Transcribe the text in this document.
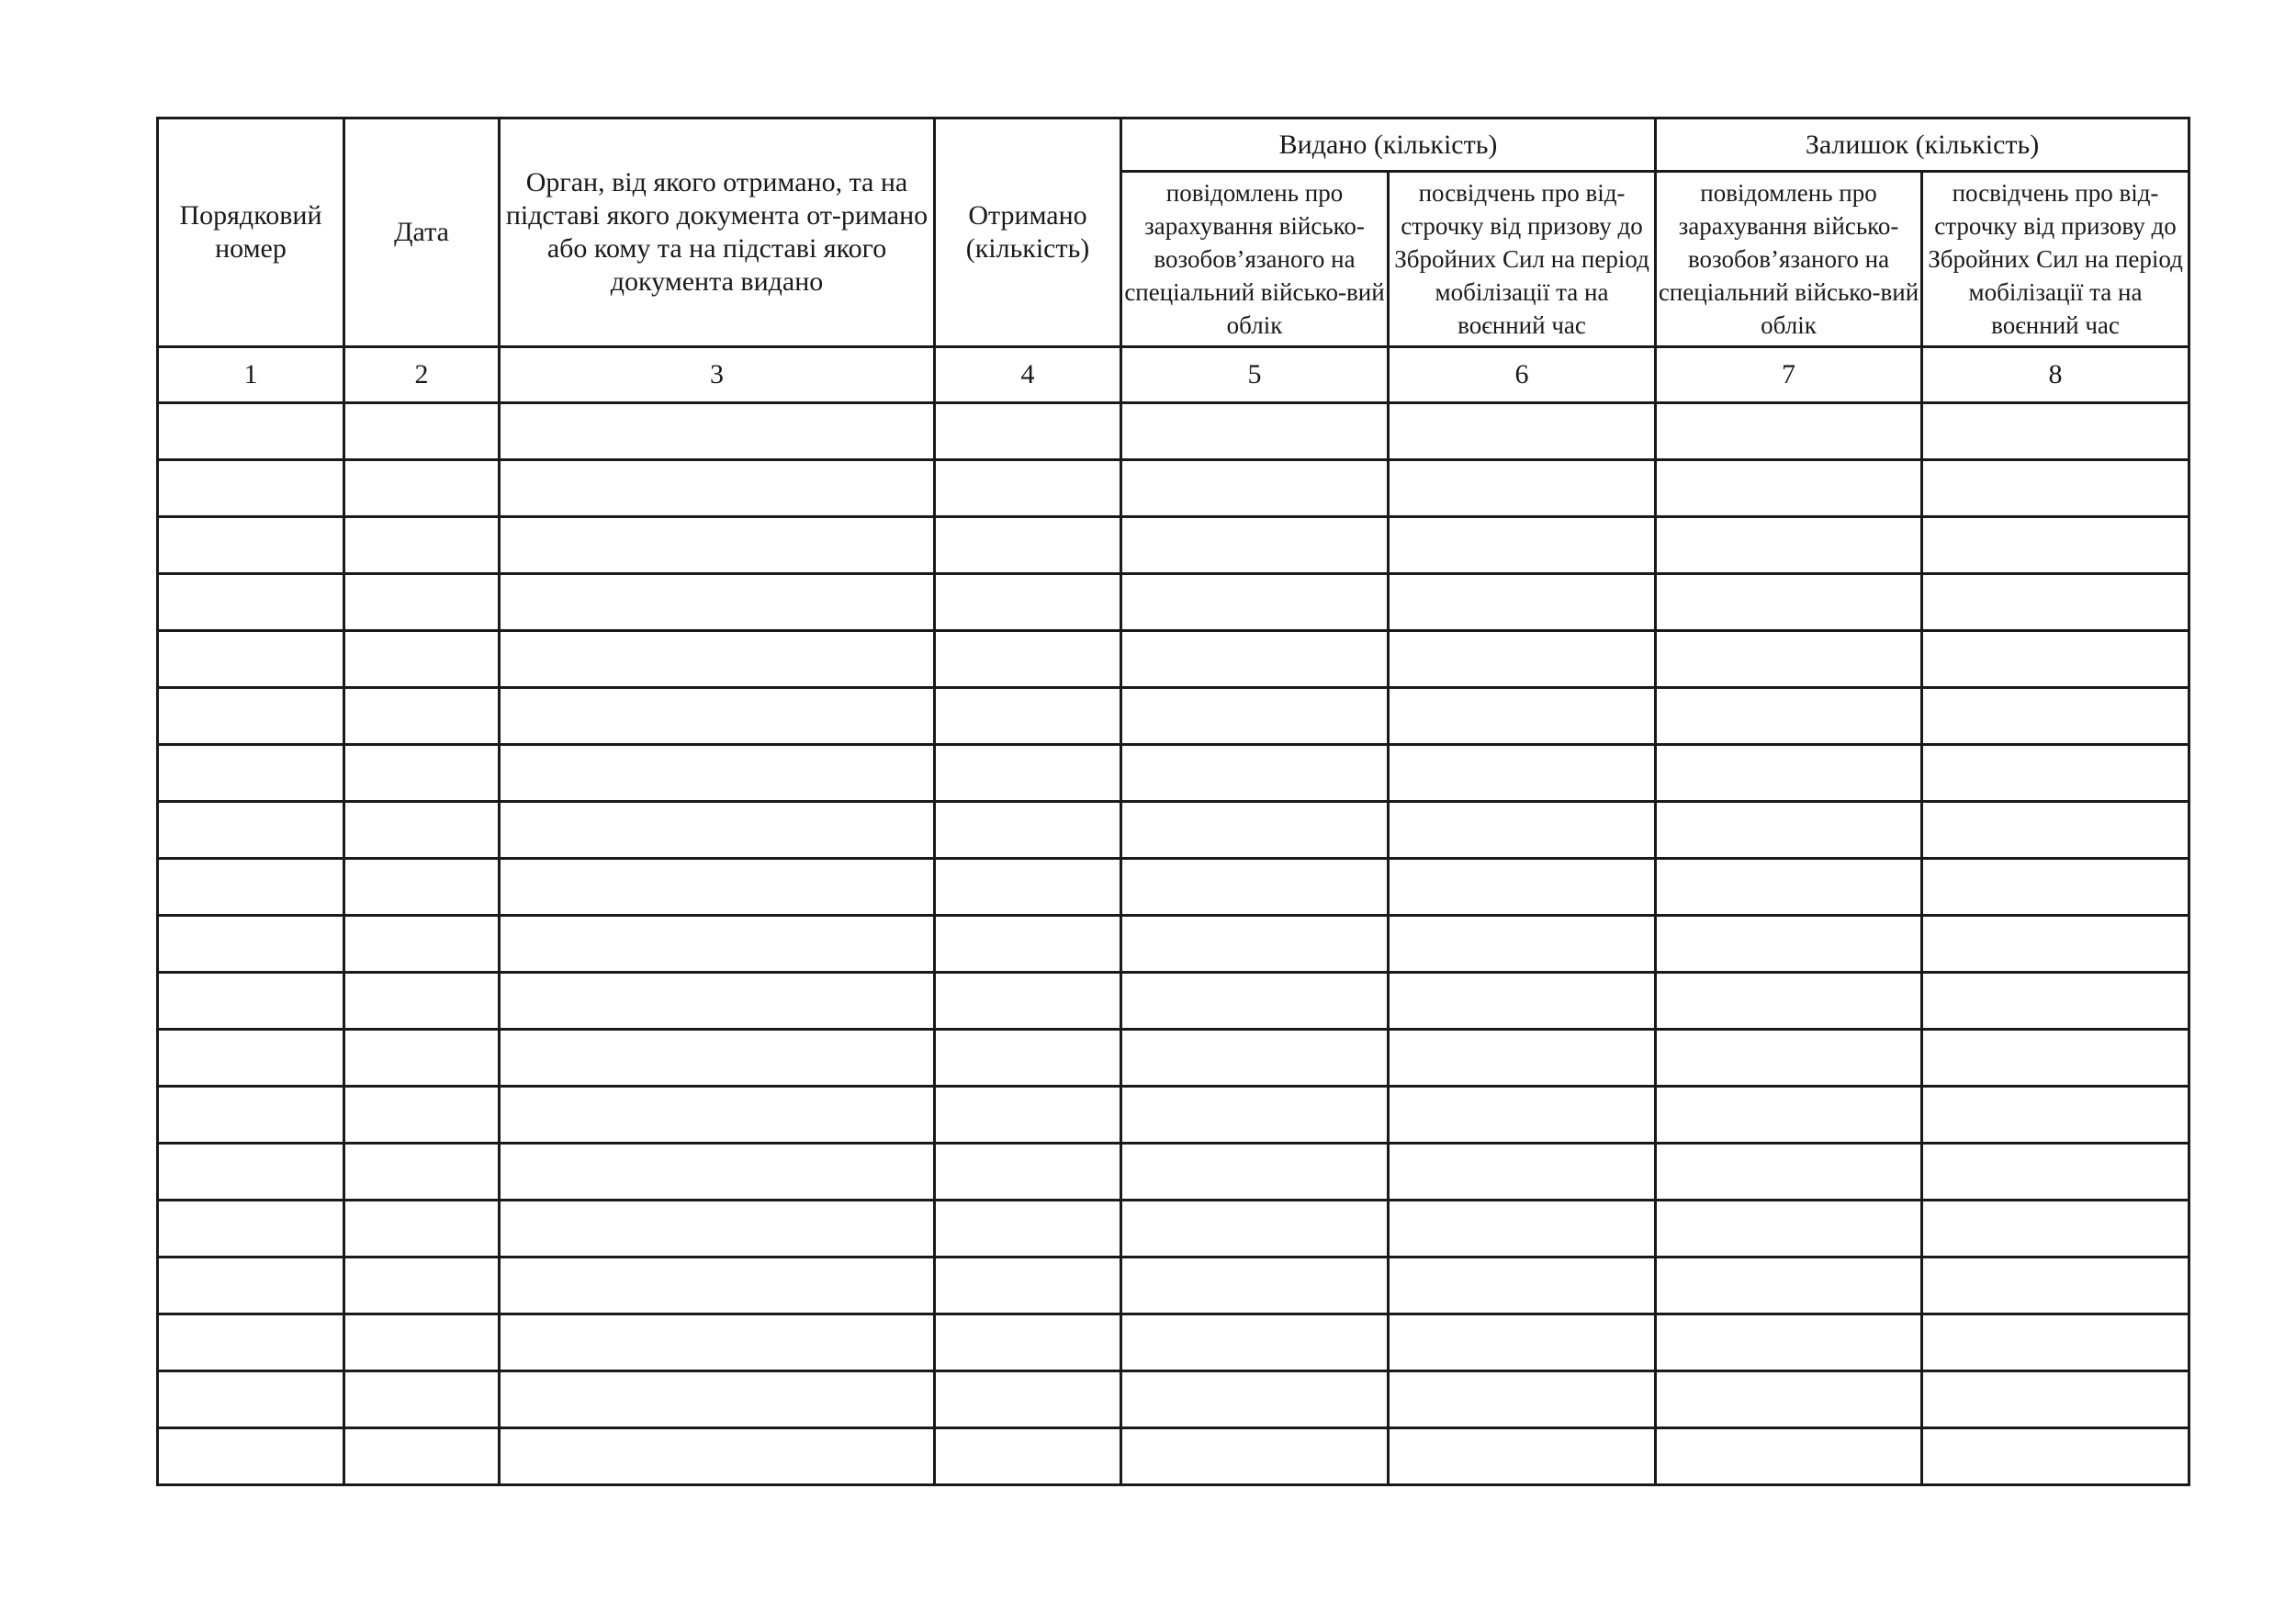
Порядковий номер	Дата	Орган, від якого отримано, та на підставі якого документа от-римано або кому та на підставі якого документа видано	Отримано (кількість)	Видано (кількість)		Залишок (кількість)	
				повідомлень про зарахування військо-возобов’язаного на спеціальний військо-вий облік	посвідчень про від-строчку від призову до Збройних Сил на період мобілізації та на воєнний час	повідомлень про зарахування військо-возобов’язаного на спеціальний військо-вий облік	посвідчень про від-строчку від призову до Збройних Сил на період мобілізації та на воєнний час
1	2	3	4	5	6	7	8
